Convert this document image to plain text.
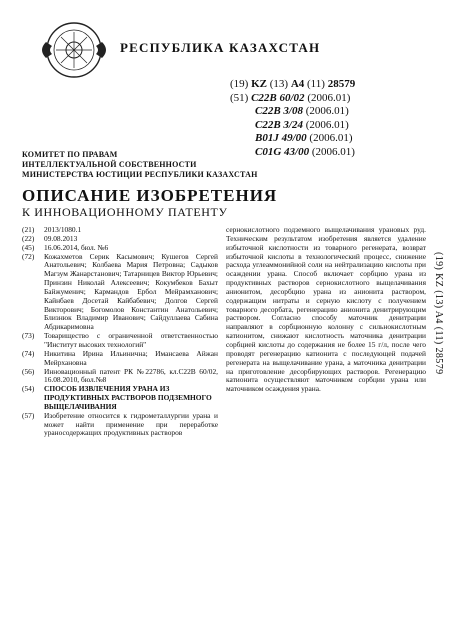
РЕСПУБЛИКА КАЗАХСТАН
(19) KZ (13) A4 (11) 28579
(51) C22B 60/02 (2006.01)
C22B 3/08 (2006.01)
C22B 3/24 (2006.01)
B01J 49/00 (2006.01)
C01G 43/00 (2006.01)
КОМИТЕТ ПО ПРАВАМ
ИНТЕЛЛЕКТУАЛЬНОЙ СОБСТВЕННОСТИ
МИНИСТЕРСТВА ЮСТИЦИИ РЕСПУБЛИКИ КАЗАХСТАН
ОПИСАНИЕ ИЗОБРЕТЕНИЯ
К ИННОВАЦИОННОМУ ПАТЕНТУ
(21)	2013/1080.1
(22)	09.08.2013
(45)	16.06.2014, бюл. №6
(72)	Кожахметов Серик Касымович; Кушегов Сергей Анатольевич; Колбаева Мария Петровна; Садыков Магзум Жанарстанович; Татарницев Виктор Юрьевич; Принзин Николай Алексеевич; Кокумбеков Бахыт Байжуменич; Кармандов Ербол Мейрамханович; Кайнбаев Досетай Кайбабевич; Долгов Сергей Викторович; Богомолов Константин Анатольевич; Близнюк Владимир Иванович; Сайдуллаева Сабина Абдикаримовна
(73)	Товарищество с ограниченной ответственностью "Институт высоких технологий"
(74)	Никитина Ирина Ильинична; Имансаева Айжан Мейрхановна
(56)	Инновационный патент РК №22786, кл.C22B 60/02, 16.08.2010, бюл.№8
(54)	СПОСОБ ИЗВЛЕЧЕНИЯ УРАНА ИЗ ПРОДУКТИВНЫХ РАСТВОРОВ ПОДЗЕМНОГО ВЫЩЕЛАЧИВАНИЯ
(57)	Изобретение относится к гидрометаллургии урана и может найти применение при переработке ураносодержащих продуктивных растворов
сернокислотного подземного выщелачивания урановых руд. Техническим результатом изобретения является удаление избыточной кислотности из товарного регенерата, возврат избыточной кислоты в технологический процесс, снижение расхода углеаммонийной соли на нейтрализацию кислоты при осаждении урана. Способ включает сорбцию урана из продуктивных растворов сернокислотного выщелачивания анионитом, десорбцию урана из анионита раствором, содержащим нитраты и серную кислоту с получением товарного десорбата, регенерацию анионита денитрирующим раствором. Согласно способу маточник денитрации направляют в сорбционную колонну с сильнокислотным катионитом, снижают кислотность маточника денитрации сорбцией кислоты до содержания не более 15 г/л, после чего проводят регенерацию катионита с последующей подачей регенерата на выщелачивание урана, а маточника денитрации на приготовление десорбирующих растворов. Регенерацию катионита осуществляют маточником сорбции урана или маточником осаждения урана.
(19) KZ (13) A4 (11) 28579
